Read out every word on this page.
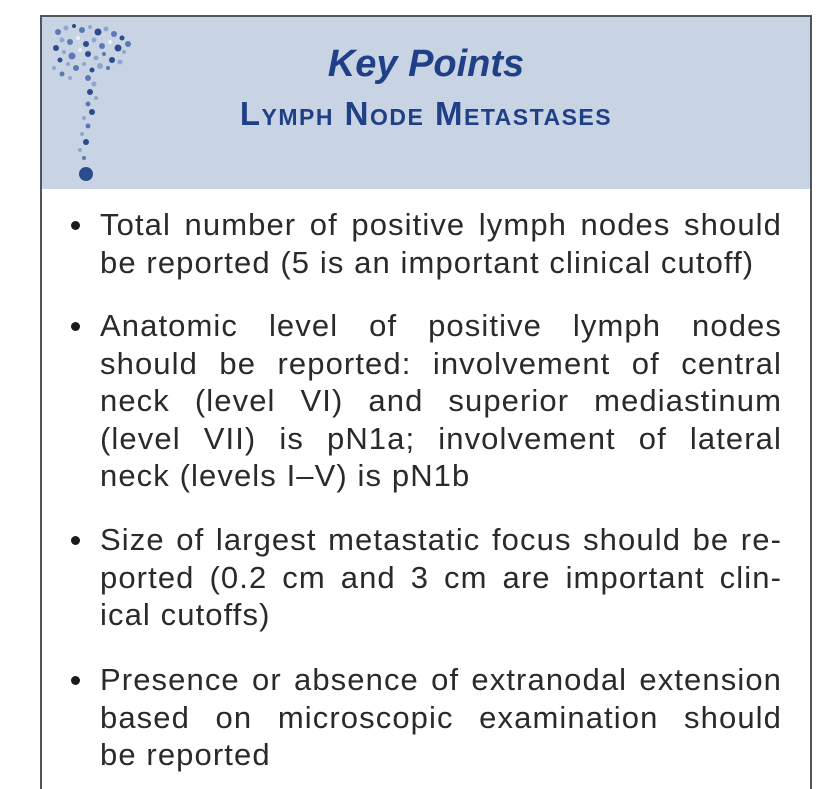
Key Points
Lymph Node Metastases
Total number of positive lymph nodes should
be reported (5 is an important clinical cutoff)
Anatomic level of positive lymph nodes
should be reported: involvement of central
neck (level VI) and superior mediastinum
(level VII) is pN1a; involvement of lateral
neck (levels I–V) is pN1b
Size of largest metastatic focus should be re-
ported (0.2 cm and 3 cm are important clin-
ical cutoffs)
Presence or absence of extranodal extension
based on microscopic examination should
be reported
